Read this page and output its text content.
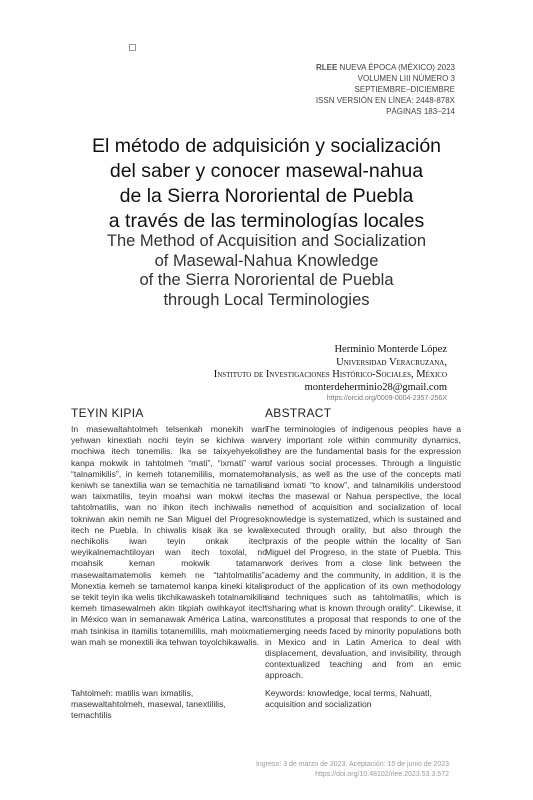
RLEE NUEVA ÉPOCA (MÉXICO) 2023
VOLUMEN LIII NÚMERO 3
SEPTIEMBRE–DICIEMBRE
ISSN VERSIÓN EN LÍNEA: 2448-878X
PÁGINAS 183–214
El método de adquisición y socialización
del saber y conocer masewal-nahua
de la Sierra Nororiental de Puebla
a través de las terminologías locales
The Method of Acquisition and Socialization
of Masewal-Nahua Knowledge
of the Sierra Nororiental de Puebla
through Local Terminologies
Herminio Monterde López
Universidad Veracruzana,
Instituto de Investigaciones Histórico-Sociales, México
monterdeherminio28@gmail.com
https://orcid.org/0009-0004-2357-256X
TEYIN KIPIA

In masewaltahtolmeh telsenkah monekih wan yehwan kinextiah nochi teyin se kichiwa wan mochiwa itech tonemilis. Ika se taixyehyekolis kanpa mokwik in tahtolmeh “mati”, “ixmati” wan “talnamikilis”, in kemeh totanemililis, momatemoh keniwh se tanextilia wan se temachitia ne tamatilis wan taixmatilis, teyin moahsi wan mokwi itech tahtolmatilis, wan no ihkon itech inchiwalis ne tokniwan akin nemih ne San Miguel del Progreso, itech ne Puebla. In chiwalis kisak ika se kwali nechikolis iwan teyin onkak itech weyikalnemachtiloyan wan itech toxolal, no moahsik keman mokwik tataman masewaltamatemolis kemeh ne “tahtolmatilis”. Monextia kemeh se tamatemol kanpa kineki kitalis se tekit teyin ika welis tikchikawaskeh totalnamikilis kemeh timasewalmeh akin tikpiah owihkayot itech in México wan in semanawak América Latina, wan mah tsinkisa in itamilis totanemililis, mah moixmati, wan mah se monextili ika tehwan toyolchikawalis.

ABSTRACT

The terminologies of indigenous peoples have a very important role within community dynamics, they are the fundamental basis for the expression of various social processes. Through a linguistic analysis, as well as the use of the concepts mati and ixmati “to know”, and talnamikilis understood as the masewal or Nahua perspective, the local method of acquisition and socialization of local knowledge is systematized, which is sustained and executed through orality, but also through the praxis of the people within the locality of San Miguel del Progreso, in the state of Puebla. This work derives from a close link between the academy and the community, in addition, it is the product of the application of its own methodology and techniques such as tahtolmatilis, which is “sharing what is known through orality”. Likewise, it constitutes a proposal that responds to one of the emerging needs faced by minority populations both in Mexico and in Latin America to deal with displacement, devaluation, and invisibility, through contextualized teaching and from an emic approach.

Tahtolmeh: matilis wan ixmatilis, masewaltahtolmeh, masewal, tanextililis, temachtilis
Keywords: knowledge, local terms, Nahuatl, acquisition and socialization
Ingreso: 3 de marzo de 2023. Aceptación: 15 de junio de 2023
https://doi.org/10.48102/rlee.2023.53.3.572
